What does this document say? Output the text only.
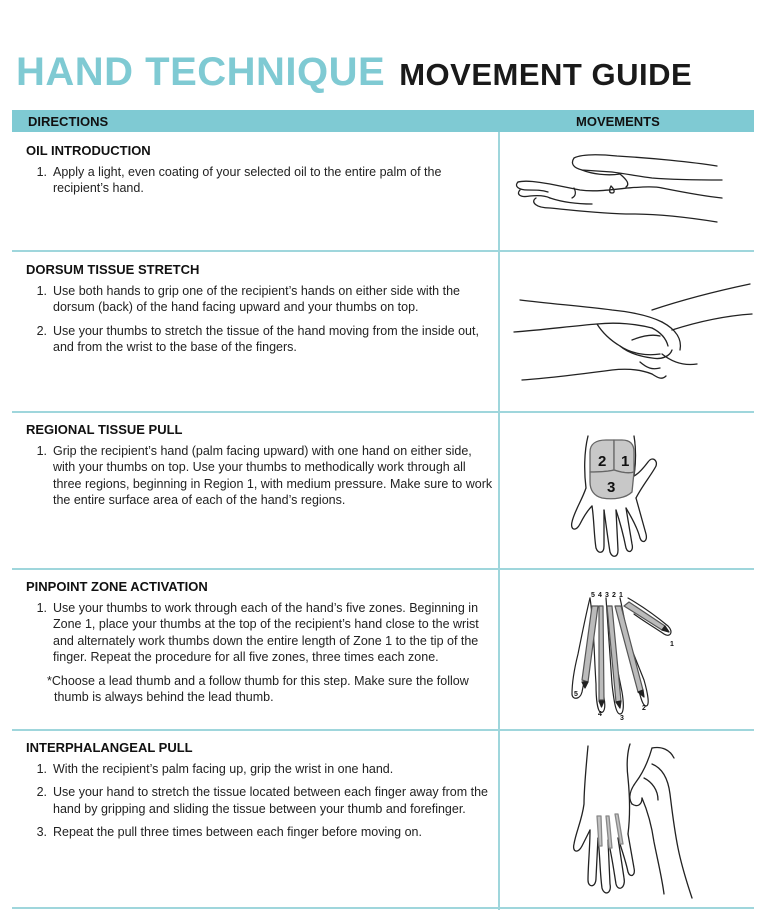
HAND TECHNIQUE MOVEMENT GUIDE
DIRECTIONS	MOVEMENTS
OIL INTRODUCTION
1. Apply a light, even coating of your selected oil to the entire palm of the recipient’s hand.
DORSUM TISSUE STRETCH
1. Use both hands to grip one of the recipient’s hands on either side with the dorsum (back) of the hand facing upward and your thumbs on top.
2. Use your thumbs to stretch the tissue of the hand moving from the inside out, and from the wrist to the base of the fingers.
REGIONAL TISSUE PULL
1. Grip the recipient’s hand (palm facing upward) with one hand on either side, with your thumbs on top. Use your thumbs to methodically work through all three regions, beginning in Region 1, with medium pressure. Make sure to work the entire surface area of each of the hand’s regions.
2 1
3
PINPOINT ZONE ACTIVATION
1. Use your thumbs to work through each of the hand’s five zones. Beginning in Zone 1, place your thumbs at the top of the recipient’s hand close to the wrist and alternately work thumbs down the entire length of Zone 1 to the tip of the finger. Repeat the procedure for all five zones, three times each zone.
*Choose a lead thumb and a follow thumb for this step. Make sure the follow thumb is always behind the lead thumb.
5 4 3 2 1
5
4
3
2
1
INTERPHALANGEAL PULL
1. With the recipient’s palm facing up, grip the wrist in one hand.
2. Use your hand to stretch the tissue located between each finger away from the hand by gripping and sliding the tissue between your thumb and forefinger.
3. Repeat the pull three times between each finger before moving on.
